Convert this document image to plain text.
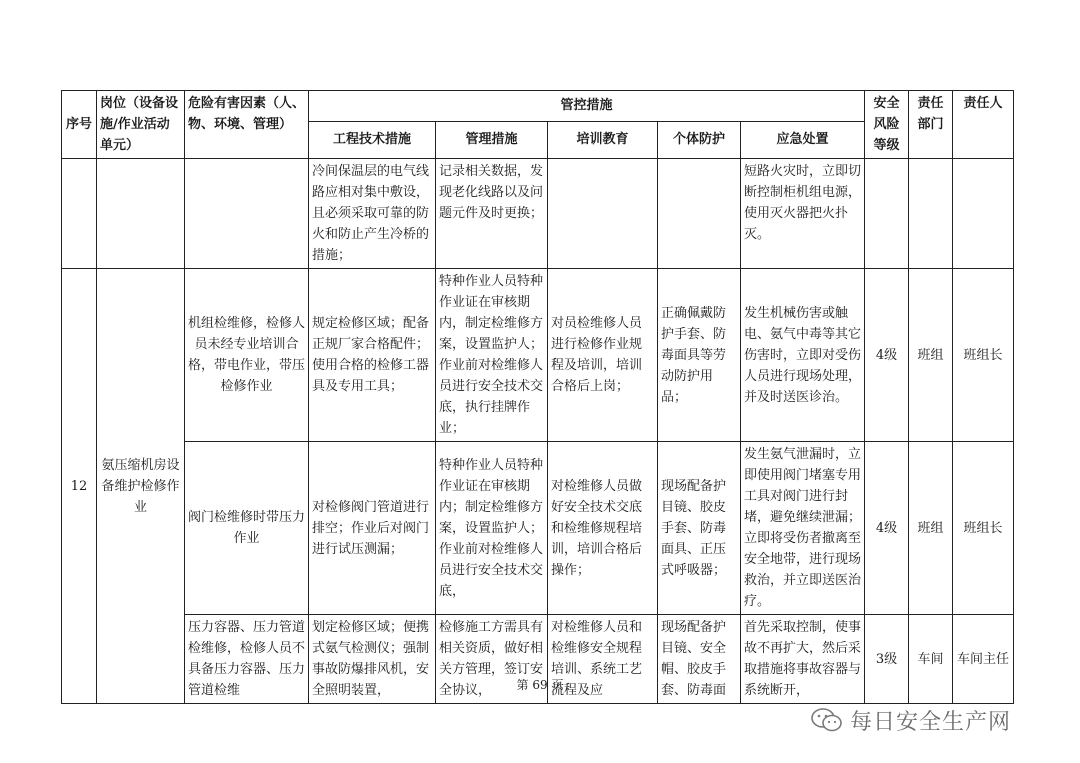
序号	岗位（设备设施/作业活动单元）	危险有害因素（人、物、环境、管理）	管控措施					安全风险等级	责任部门	责任人
			工程技术措施	管理措施	培训教育	个体防护	应急处置			
			冷间保温层的电气线路应相对集中敷设，且必须采取可靠的防火和防止产生冷桥的措施；	记录相关数据，发现老化线路以及问题元件及时更换；			短路火灾时，立即切断控制柜机组电源，使用灭火器把火扑灭。			
12	氨压缩机房设备维护检修作业	机组检维修，检修人员未经专业培训合格，带电作业，带压检修作业	规定检修区域；配备正规厂家合格配件；使用合格的检修工器具及专用工具；	特种作业人员特种作业证在审核期内，制定检维修方案，设置监护人；作业前对检维修人员进行安全技术交底，执行挂牌作业；	对员检维修人员进行检修作业规程及培训，培训合格后上岗；	正确佩戴防护手套、防毒面具等劳动防护用品；	发生机械伤害或触电、氨气中毒等其它伤害时，立即对受伤人员进行现场处理，并及时送医诊治。	4级	班组	班组长
		阀门检维修时带压力作业	对检修阀门管道进行排空；作业后对阀门进行试压测漏；	特种作业人员特种作业证在审核期内；制定检维修方案，设置监护人；作业前对检维修人员进行安全技术交底，	对检维修人员做好安全技术交底和检维修规程培训，培训合格后操作；	现场配备护目镜、胶皮手套、防毒面具、正压式呼吸器；	发生氨气泄漏时，立即使用阀门堵塞专用工具对阀门进行封堵，避免继续泄漏；立即将受伤者撤离至安全地带，进行现场救治，并立即送医治疗。	4级	班组	班组长
		压力容器、压力管道检维修，检修人员不具备压力容器、压力管道检维	划定检修区域；便携式氨气检测仪；强制事故防爆排风机，安全照明装置，	检修施工方需具有相关资质，做好相关方管理，签订安全协议，	对检维修人员和检维修安全规程培训、系统工艺流程及应	现场配备护目镜、安全帽、胶皮手套、防毒面	首先采取控制，使事故不再扩大，然后采取措施将事故容器与系统断开，	3级	车间	车间主任
第 69 页
每日安全生产网
